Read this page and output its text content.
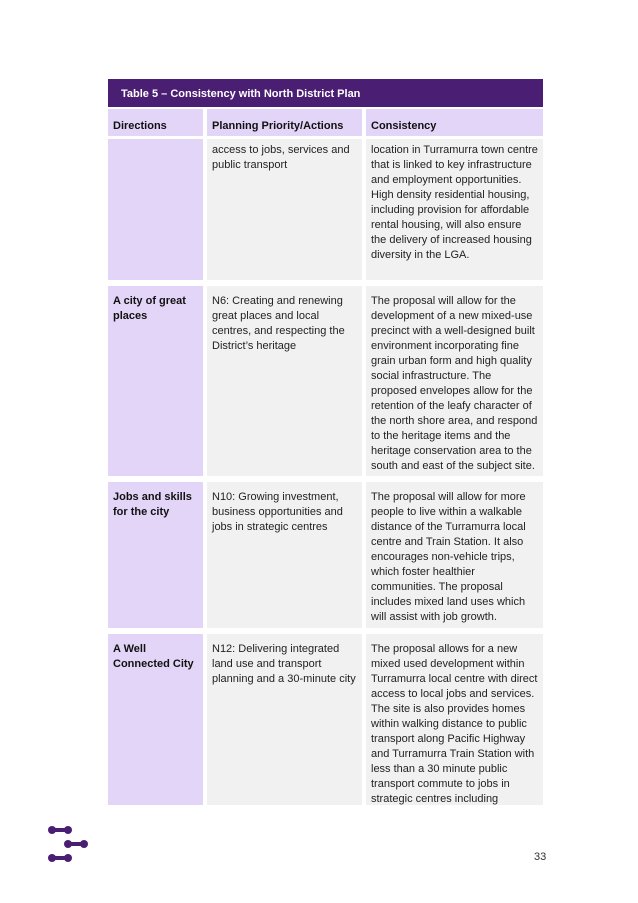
Table 5 – Consistency with North District Plan
Directions	Planning Priority/Actions	Consistency
access to jobs, services and public transport
location in Turramurra town centre that is linked to key infrastructure and employment opportunities. High density residential housing, including provision for affordable rental housing, will also ensure the delivery of increased housing diversity in the LGA.
A city of great places
N6: Creating and renewing great places and local centres, and respecting the District’s heritage
The proposal will allow for the development of a new mixed-use precinct with a well-designed built environment incorporating fine grain urban form and high quality social infrastructure. The proposed envelopes allow for the retention of the leafy character of the north shore area, and respond to the heritage items and the heritage conservation area to the south and east of the subject site.
Jobs and skills for the city
N10: Growing investment, business opportunities and jobs in strategic centres
The proposal will allow for more people to live within a walkable distance of the Turramurra local centre and Train Station. It also encourages non-vehicle trips, which foster healthier communities. The proposal includes mixed land uses which will assist with job growth.
A Well Connected City
N12: Delivering integrated land use and transport planning and a 30-minute city
The proposal allows for a new mixed used development within Turramurra local centre with direct access to local jobs and services. The site is also provides homes within walking distance to public transport along Pacific Highway and Turramurra Train Station with less than a 30 minute public transport commute to jobs in strategic centres including
33
